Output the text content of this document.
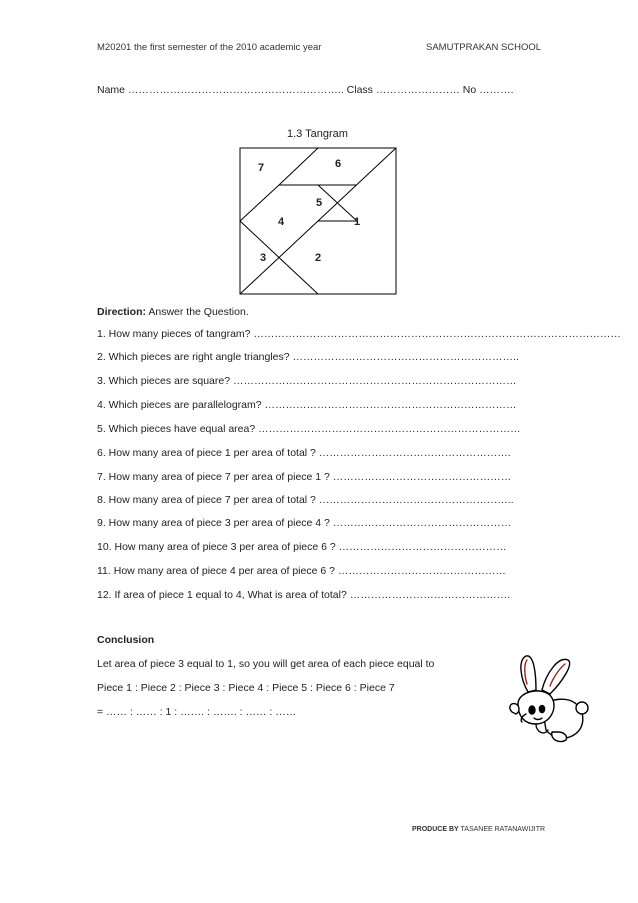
M20201 the first semester of the 2010 academic year	SAMUTPRAKAN SCHOOL
Name …………………………………………………….. Class …………………… No ……….
1.3 Tangram
7	6
5
4	1
3	2
Direction: Answer the Question.
1. How many pieces of tangram? ……………………………………………………………………………………………
2. Which pieces are right angle triangles? ………………………………………………………..
3. Which pieces are square? ………………………………………………………………………
4. Which pieces are parallelogram? ………………………………………………………………
5. Which pieces have equal area? …………………………………………………………………
6. How many area of piece 1 per area of total ? ……………………………………………….
7. How many area of piece 7 per area of piece 1 ? ……………………………………………
8. How many area of piece 7 per area of total ? ………………………………………………..
9. How many area of piece 3 per area of piece 4 ? ……………………………………………
10. How many area of piece 3 per area of piece 6 ? …………………………………………
11. How many area of piece 4 per area of piece 6 ? …………………………………………
12. If area of piece 1 equal to 4, What is area of total? ……………………………………….
Conclusion
Let area of piece 3 equal to 1, so you will get area of each piece equal to
Piece 1 : Piece 2 : Piece 3 : Piece 4 : Piece 5 : Piece 6 : Piece 7
= …… : …… : 1 : ……. : ……. : …… : ……
PRODUCE BY TASANEE RATANAWIJITR
